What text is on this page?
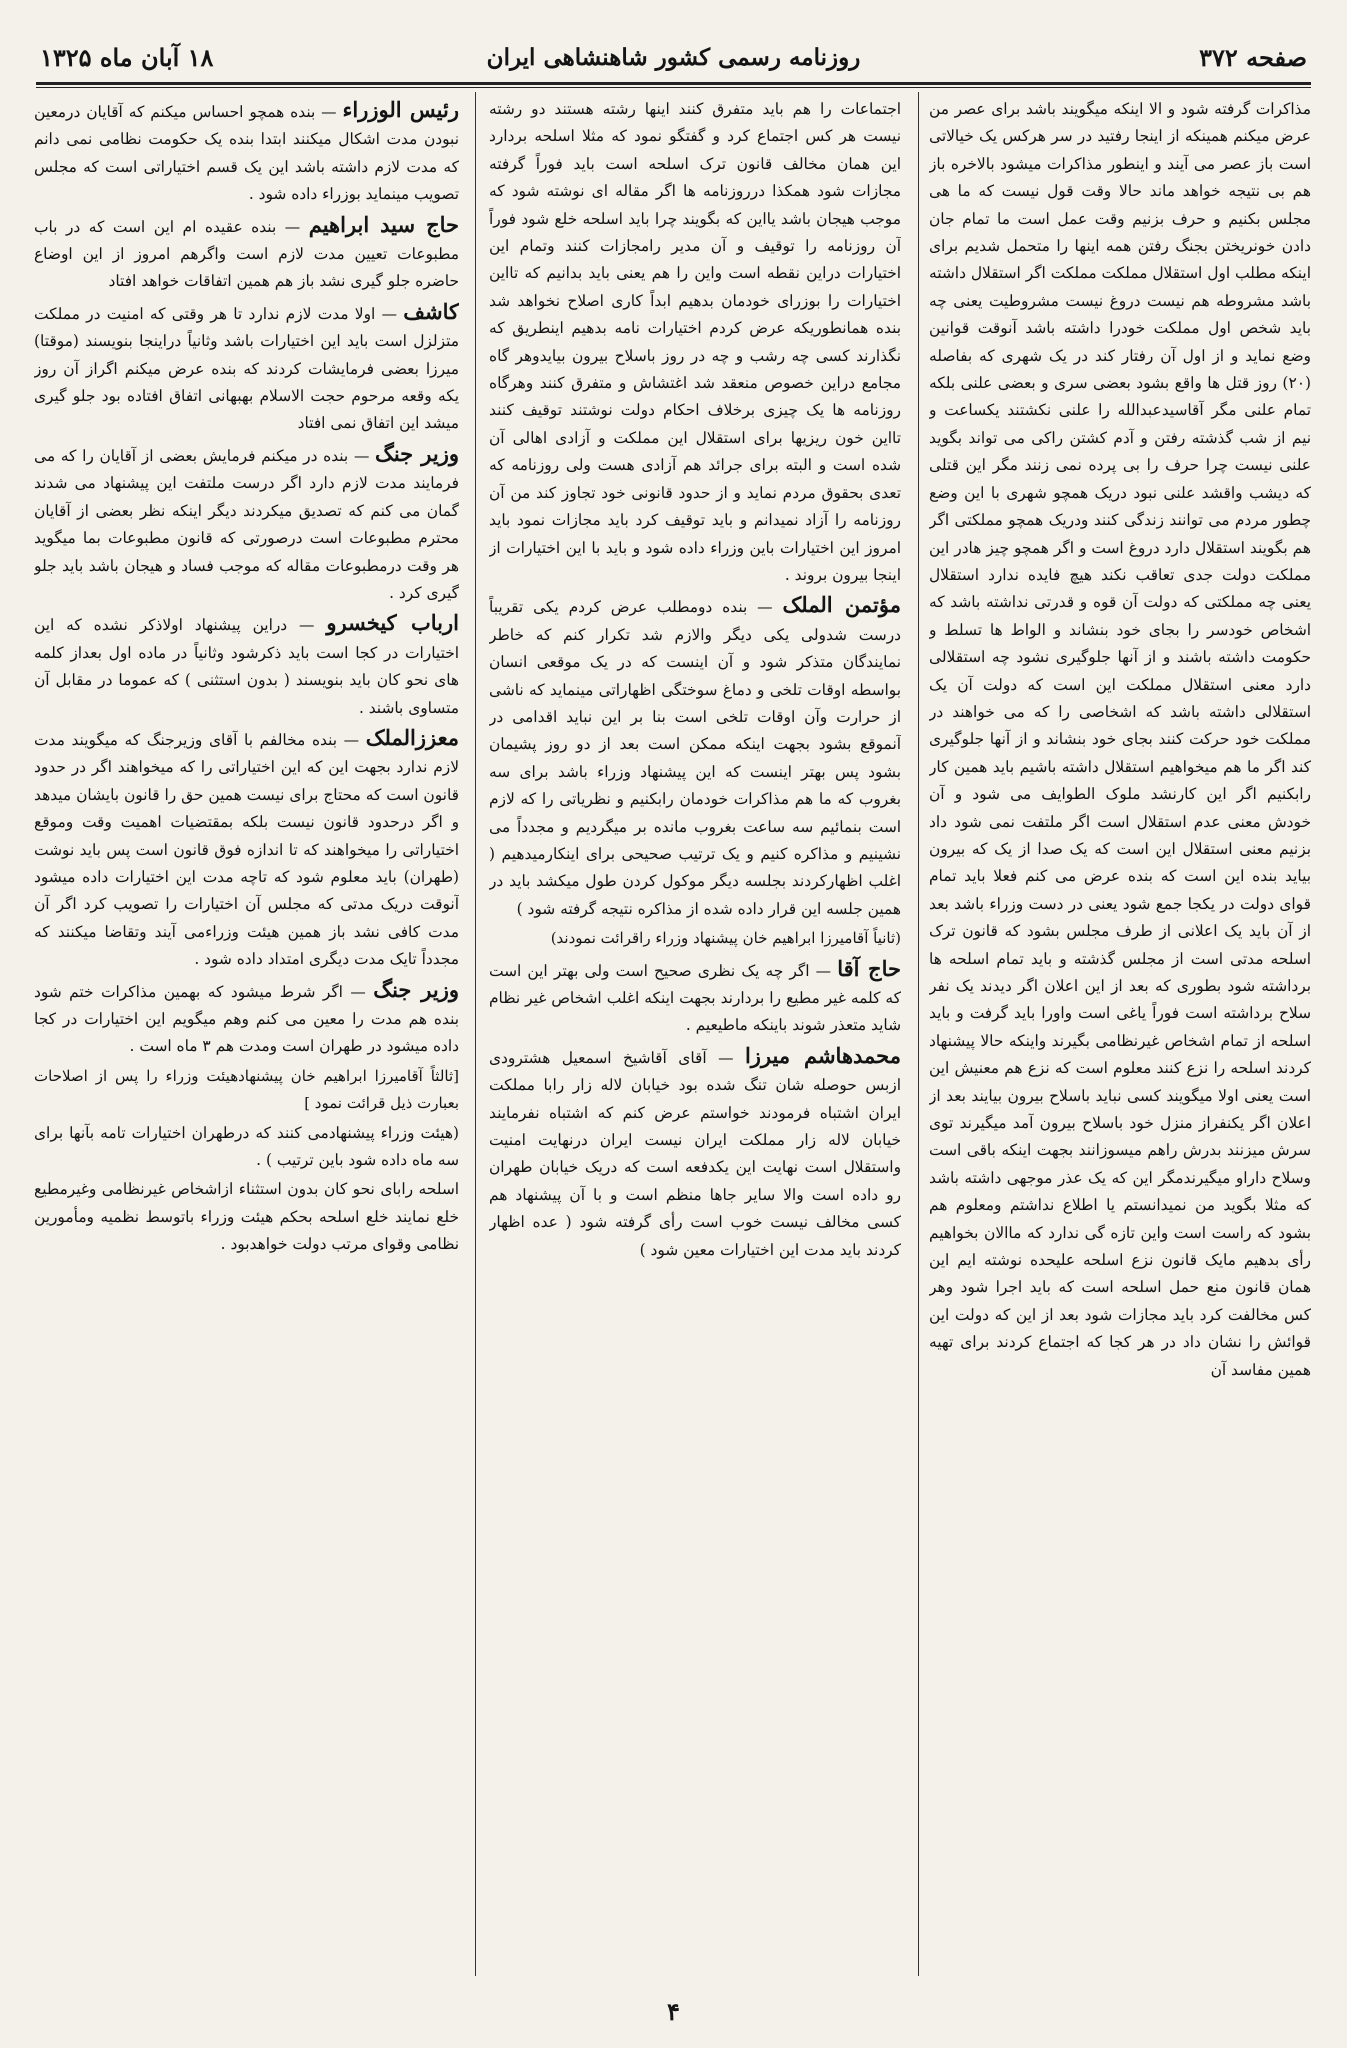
صفحه ۳۷۲
روزنامه رسمی کشور شاهنشاهی ایران
۱۸ آبان ماه ۱۳۲۵

مذاکرات گرفته شود و الا اینکه میگویند باشد برای عصر من عرض میکنم همینکه از اینجا رفتید در سر هرکس یک خیالاتی است باز عصر می آیند و اینطور مذاکرات میشود بالاخره باز هم بی نتیجه خواهد ماند حالا وقت قول نیست که ما هی مجلس بکنیم و حرف بزنیم وقت عمل است ما تمام جان دادن خونریختن بجنگ رفتن همه اینها را متحمل شدیم برای اینکه مطلب اول استقلال مملکت مملکت اگر استقلال داشته باشد مشروطه هم نیست دروغ نیست مشروطیت یعنی چه باید شخص اول مملکت خودرا داشته باشد آنوقت قوانین وضع نماید و از اول آن رفتار کند در یک شهری که بفاصله (۲۰) روز قتل ها واقع بشود بعضی سری و بعضی علنی بلکه تمام علنی مگر آقاسیدعبدالله را علنی نکشتند یکساعت و نیم از شب گذشته رفتن و آدم کشتن راکی می تواند بگوید علنی نیست چرا حرف را بی پرده نمی زنند مگر این قتلی که دیشب واقشد علنی نبود دریک همچو شهری با این وضع چطور مردم می توانند زندگی کنند ودریک همچو مملکتی اگر هم بگویند استقلال دارد دروغ است و اگر همچو چیز هادر این مملکت دولت جدی تعاقب نکند هیچ فایده ندارد استقلال یعنی چه مملکتی که دولت آن قوه و قدرتی نداشته باشد که اشخاص خودسر را بجای خود بنشاند و الواط ها تسلط و حکومت داشته باشند و از آنها جلوگیری نشود چه استقلالی دارد معنی استقلال مملکت این است که دولت آن یک استقلالی داشته باشد که اشخاصی را که می خواهند در مملکت خود حرکت کنند بجای خود بنشاند و از آنها جلوگیری کند اگر ما هم میخواهیم استقلال داشته باشیم باید همین کار رابکنیم اگر این کارنشد ملوک الطوایف می شود و آن خودش معنی عدم استقلال است اگر ملتفت نمی شود داد بزنیم معنی استقلال این است که یک صدا از یک که بیرون بیاید بنده این است که بنده عرض می کنم فعلا باید تمام قوای دولت در یکجا جمع شود یعنی در دست وزراء باشد بعد از آن باید یک اعلانی از طرف مجلس بشود که قانون ترک اسلحه مدتی است از مجلس گذشته و باید تمام اسلحه ها برداشته شود بطوری که بعد از این اعلان اگر دیدند یک نفر سلاح برداشته است فوراً یاغی است واورا باید گرفت و باید اسلحه از تمام اشخاص غیرنظامی بگیرند واینکه حالا پیشنهاد کردند اسلحه را نزع کنند معلوم است که نزع هم معنیش این است یعنی اولا میگویند کسی نباید باسلاح بیرون بیایند بعد از اعلان اگر یکنفراز منزل خود باسلاح بیرون آمد میگیرند توی سرش میزنند بدرش راهم میسوزانند بجهت اینکه باقی است وسلاح داراو میگیرندمگر این که یک عذر موجهی داشته باشد که مثلا بگوید من نمیدانستم یا اطلاع نداشتم ومعلوم هم بشود که راست است واین تازه گی ندارد که ماالان بخواهیم رأی بدهیم مایک قانون نزع اسلحه علیحده نوشته ایم این همان قانون منع حمل اسلحه است که باید اجرا شود وهر کس مخالفت کرد باید مجازات شود بعد از این که دولت این قوائش را نشان داد در هر کجا که اجتماع کردند برای تهیه همین مفاسد آن

اجتماعات را هم باید متفرق کنند اینها رشته هستند دو رشته نیست هر کس اجتماع کرد و گفتگو نمود که مثلا اسلحه بردارد این همان مخالف قانون ترک اسلحه است باید فوراً گرفته مجازات شود همکذا درروزنامه ها اگر مقاله ای نوشته شود که موجب هیجان باشد یااین که بگویند چرا باید اسلحه خلع شود فوراً آن روزنامه را توقیف و آن مدیر رامجازات کنند وتمام این اختیارات دراین نقطه است واین را هم یعنی باید بدانیم که تااین اختیارات را بوزرای خودمان بدهیم ابداً کاری اصلاح نخواهد شد بنده همانطوریکه عرض کردم اختیارات نامه بدهیم اینطریق که نگذارند کسی چه رشب و چه در روز باسلاح بیرون بیایدوهر گاه مجامع دراین خصوص منعقد شد اغتشاش و متفرق کنند وهرگاه روزنامه ها یک چیزی برخلاف احکام دولت نوشتند توقیف کنند تااین خون ریزیها برای استقلال این مملکت و آزادی اهالی آن شده است و البته برای جرائد هم آزادی هست ولی روزنامه که تعدی بحقوق مردم نماید و از حدود قانونی خود تجاوز کند من آن روزنامه را آزاد نمیدانم و باید توقیف کرد باید مجازات نمود باید امروز این اختیارات باین وزراء داده شود و باید با این اختیارات از اینجا بیرون بروند .

مؤتمن الملک — بنده دومطلب عرض کردم یکی تقریباً درست شدولی یکی دیگر والازم شد تکرار کنم که خاطر نمایندگان متذکر شود و آن اینست که در یک موقعی انسان بواسطه اوقات تلخی و دماغ سوختگی اظهاراتی مینماید که ناشی از حرارت وآن اوقات تلخی است بنا بر این نباید اقدامی در آنموقع بشود بجهت اینکه ممکن است بعد از دو روز پشیمان بشود پس بهتر اینست که این پیشنهاد وزراء باشد برای سه بغروب که ما هم مذاکرات خودمان رابکنیم و نظریاتی را که لازم است بنمائیم سه ساعت بغروب مانده بر میگردیم و مجدداً می نشینیم و مذاکره کنیم و یک ترتیب صحیحی برای اینکارمیدهیم ( اغلب اظهارکردند بجلسه دیگر موکول کردن طول میکشد باید در همین جلسه این قرار داده شده از مذاکره نتیجه گرفته شود )

(ثانیاً آقامیرزا ابراهیم خان پیشنهاد وزراء راقرائت نمودند)

حاج آقا — اگر چه یک نظری صحیح است ولی بهتر این است که کلمه غیر مطیع را بردارند بجهت اینکه اغلب اشخاص غیر نظام شاید متعذر شوند باینکه ماطیعیم .

محمدهاشم میرزا — آقای آقاشیخ اسمعیل هشترودی ازبس حوصله شان تنگ شده بود خیابان لاله زار رابا مملکت ایران اشتباه فرمودند خواستم عرض کنم که اشتباه نفرمایند خیابان لاله زار مملکت ایران نیست ایران درنهایت امنیت واستقلال است نهایت این یکدفعه است که دریک خیابان طهران رو داده است والا سایر جاها منظم است و با آن پیشنهاد هم کسی مخالف نیست خوب است رأی گرفته شود ( عده اظهار کردند باید مدت این اختیارات معین شود )

رئیس الوزراء — بنده همچو احساس میکنم که آقایان درمعین نبودن مدت اشکال میکنند ابتدا بنده یک حکومت نظامی نمی دانم که مدت لازم داشته باشد این یک قسم اختیاراتی است که مجلس تصویب مینماید بوزراء داده شود .

حاج سید ابراهیم — بنده عقیده ام این است که در باب مطبوعات تعیین مدت لازم است واگرهم امروز از این اوضاع حاضره جلو گیری نشد باز هم همین اتفاقات خواهد افتاد

کاشف — اولا مدت لازم ندارد تا هر وقتی که امنیت در مملکت متزلزل است باید این اختیارات باشد وثانیاً دراینجا بنویسند (موقتا) میرزا بعضی فرمایشات کردند که بنده عرض میکنم اگراز آن روز یکه وقعه مرحوم حجت الاسلام بهبهانی اتفاق افتاده بود جلو گیری میشد این اتفاق نمی افتاد

وزیر جنگ — بنده در میکنم فرمایش بعضی از آقایان را که می فرمایند مدت لازم دارد اگر درست ملتفت این پیشنهاد می شدند گمان می کنم که تصدیق میکردند دیگر اینکه نظر بعضی از آقایان محترم مطبوعات است درصورتی که قانون مطبوعات بما میگوید هر وقت درمطبوعات مقاله که موجب فساد و هیجان باشد باید جلو گیری کرد .

ارباب کیخسرو — دراین پیشنهاد اولاذکر نشده که این اختیارات در کجا است باید ذکرشود وثانیاً در ماده اول بعداز کلمه های نحو کان باید بنویسند ( بدون استثنی ) که عموما در مقابل آن متساوی باشند .

معززالملک — بنده مخالفم با آقای وزیرجنگ که میگویند مدت لازم ندارد بجهت این که این اختیاراتی را که میخواهند اگر در حدود قانون است که محتاج برای نیست همین حق را قانون بایشان میدهد و اگر درحدود قانون نیست بلکه بمقتضیات اهمیت وقت وموقع اختیاراتی را میخواهند که تا اندازه فوق قانون است پس باید نوشت (طهران) باید معلوم شود که تاچه مدت این اختیارات داده میشود آنوقت دریک مدتی که مجلس آن اختیارات را تصویب کرد اگر آن مدت کافی نشد باز همین هیئت وزراءمی آیند وتقاضا میکنند که مجدداً تایک مدت دیگری امتداد داده شود .

وزیر جنگ — اگر شرط میشود که بهمین مذاکرات ختم شود بنده هم مدت را معین می کنم وهم میگویم این اختیارات در کجا داده میشود در طهران است ومدت هم ۳ ماه است .

[ثالثاً آقامیرزا ابراهیم خان پیشنهادهیئت وزراء را پس از اصلاحات بعبارت ذیل قرائت نمود ]

(هیئت وزراء پیشنهادمی کنند که درطهران اختیارات تامه بآنها برای سه ماه داده شود باین ترتیب ) .

اسلحه رابای نحو کان بدون استثناء ازاشخاص غیرنظامی وغیرمطیع خلع نمایند خلع اسلحه بحکم هیئت وزراء باتوسط نظمیه ومأمورین نظامی وقوای مرتب دولت خواهدبود .

۴
